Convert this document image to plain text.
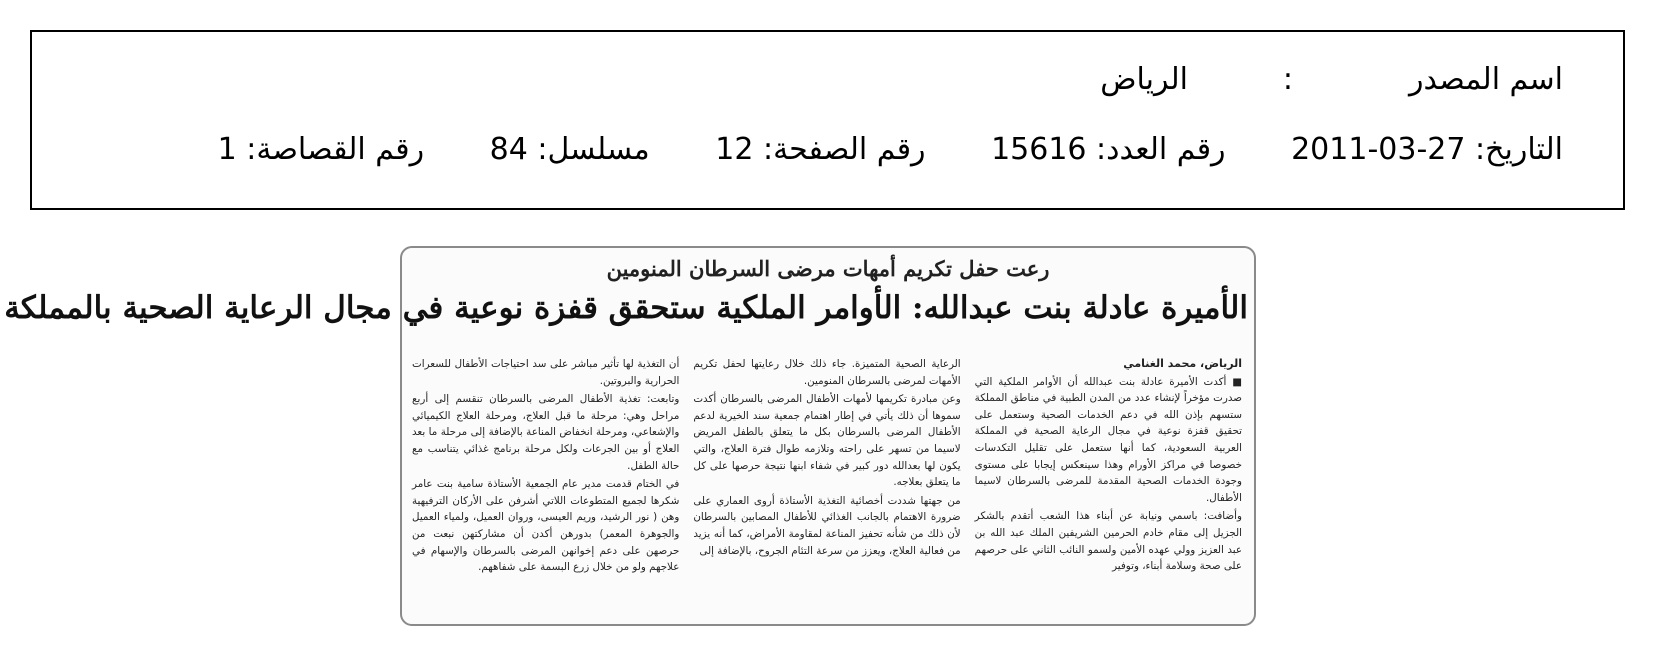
اسم المصدر:الرياض
التاريخ: 27-03-2011 رقم العدد: 15616 رقم الصفحة: 12 مسلسل: 84 رقم القصاصة: 1
رعت حفل تكريم أمهات مرضى السرطان المنومين
الأميرة عادلة بنت عبدالله: الأوامر الملكية ستحقق قفزة نوعية في مجال الرعاية الصحية بالمملكة
الرياض، محمد الغنامي

■ أكدت الأميرة عادلة بنت عبدالله أن الأوامر الملكية التي صدرت مؤخراً لإنشاء عدد من المدن الطبية في مناطق المملكة ستسهم بإذن الله في دعم الخدمات الصحية وستعمل على تحقيق قفزة نوعية في مجال الرعاية الصحية في المملكة العربية السعودية، كما أنها ستعمل على تقليل التكدسات خصوصا في مراكز الأورام وهذا سينعكس إيجابا على مستوى وجودة الخدمات الصحية المقدمة للمرضى بالسرطان لاسيما الأطفال.

وأضافت: باسمي ونيابة عن أبناء هذا الشعب أتقدم بالشكر الجزيل إلى مقام خادم الحرمين الشريفين الملك عبد الله بن عبد العزيز وولي عهده الأمين ولسمو النائب الثاني على حرصهم على صحة وسلامة أبناء، وتوفير

الرعاية الصحية المتميزة. جاء ذلك خلال رعايتها لحفل تكريم الأمهات لمرضى بالسرطان المنومين.

وعن مبادرة تكريمها لأمهات الأطفال المرضى بالسرطان أكدت سموها أن ذلك يأتي في إطار اهتمام جمعية سند الخيرية لدعم الأطفال المرضى بالسرطان بكل ما يتعلق بالطفل المريض لاسيما من تسهر على راحته وتلازمه طوال فترة العلاج، والتي يكون لها بعدالله دور كبير في شفاء ابنها نتيجة حرصها على كل ما يتعلق بعلاجه.

من جهتها شددت أخصائية التغذية الأستاذة أروى العماري على ضرورة الاهتمام بالجانب الغذائي للأطفال المصابين بالسرطان لأن ذلك من شأنه تحفيز المناعة لمقاومة الأمراض، كما أنه يزيد من فعالية العلاج، ويعزز من سرعة التئام الجروح، بالإضافة إلى

أن التغذية لها تأثير مباشر على سد احتياجات الأطفال للسعرات الحرارية والبروتين.

وتابعت: تغذية الأطفال المرضى بالسرطان تنقسم إلى أربع مراحل وهي: مرحلة ما قبل العلاج، ومرحلة العلاج الكيميائي والإشعاعي، ومرحلة انخفاض المناعة بالإضافة إلى مرحلة ما بعد العلاج أو بين الجرعات ولكل مرحلة برنامج غذائي يتناسب مع حالة الطفل.

في الختام قدمت مدير عام الجمعية الأستاذة سامية بنت عامر شكرها لجميع المتطوعات اللاتي أشرفن على الأركان الترفيهية وهن ( نور الرشيد، وريم العيسى، وروان العميل، ولمياء العميل والجوهرة المعمر) بدورهن أكدن أن مشاركتهن نبعت من حرصهن على دعم إخوانهن المرضى بالسرطان والإسهام في علاجهم ولو من خلال زرع البسمة على شفاههم.
